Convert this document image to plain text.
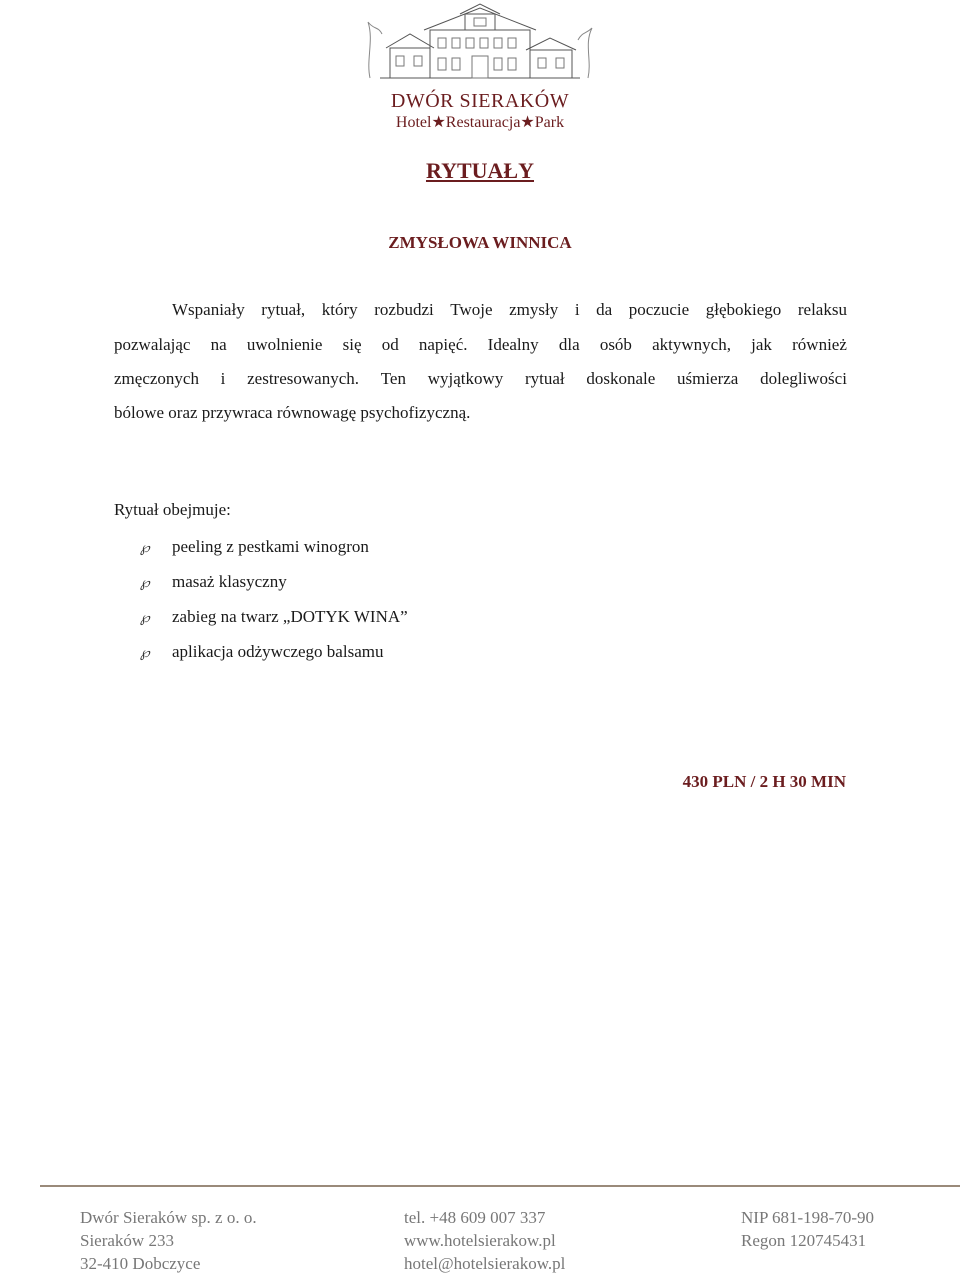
DWÓR SIERAKÓW
Hotel★Restauracja★Park
RYTUAŁY
ZMYSŁOWA WINNICA
Wspaniały rytuał, który rozbudzi Twoje zmysły i da poczucie głębokiego relaksu
pozwalając na uwolnienie się od napięć. Idealny dla osób aktywnych, jak również
zmęczonych i zestresowanych. Ten wyjątkowy rytuał doskonale uśmierza dolegliwości
bólowe oraz przywraca równowagę psychofizyczną.
Rytuał obejmuje:
℘ peeling z pestkami winogron
℘ masaż klasyczny
℘ zabieg na twarz „DOTYK WINA”
℘ aplikacja odżywczego balsamu
430 PLN / 2 H 30 MIN
Dwór Sieraków sp. z o. o.
Sieraków 233
32-410 Dobczyce
tel. +48 609 007 337
www.hotelsierakow.pl
hotel@hotelsierakow.pl
NIP 681-198-70-90
Regon 120745431
